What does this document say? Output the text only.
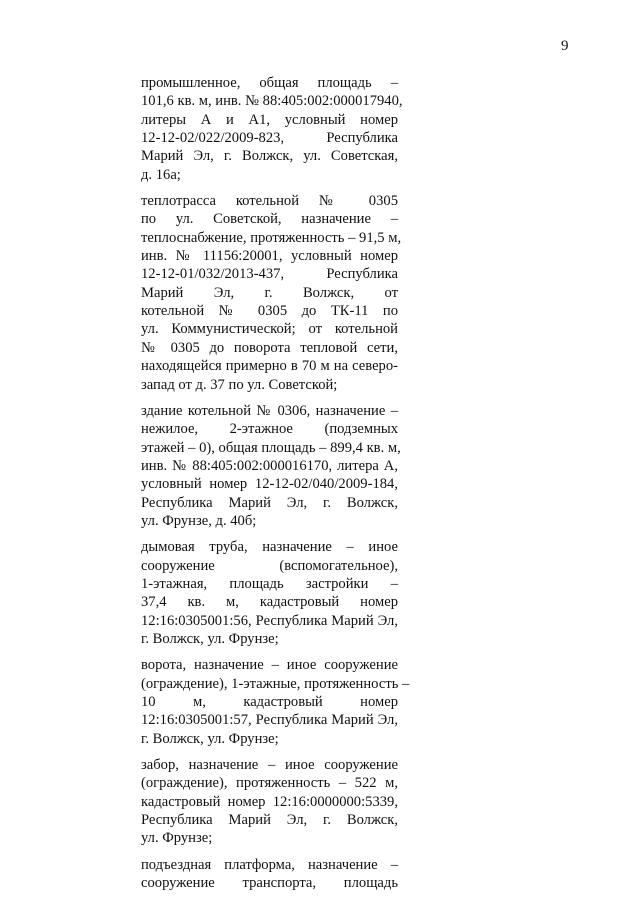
9
промышленное, общая площадь –
101,6 кв. м, инв. № 88:405:002:000017940,
литеры А и А1, условный номер
12-12-02/022/2009-823, Республика
Марий Эл, г. Волжск, ул. Советская,
д. 16а;
теплотрасса котельной № 0305
по ул. Советской, назначение –
теплоснабжение, протяженность – 91,5 м,
инв. № 11156:20001, условный номер
12-12-01/032/2013-437, Республика
Марий Эл, г. Волжск, от
котельной № 0305 до ТК-11 по
ул. Коммунистической; от котельной
№ 0305 до поворота тепловой сети,
находящейся примерно в 70 м на северо-
запад от д. 37 по ул. Советской;
здание котельной № 0306, назначение –
нежилое, 2-этажное (подземных
этажей – 0), общая площадь – 899,4 кв. м,
инв. № 88:405:002:000016170, литера А,
условный номер 12-12-02/040/2009-184,
Республика Марий Эл, г. Волжск,
ул. Фрунзе, д. 40б;
дымовая труба, назначение – иное
сооружение (вспомогательное),
1-этажная, площадь застройки –
37,4 кв. м, кадастровый номер
12:16:0305001:56, Республика Марий Эл,
г. Волжск, ул. Фрунзе;
ворота, назначение – иное сооружение
(ограждение), 1-этажные, протяженность –
10 м, кадастровый номер
12:16:0305001:57, Республика Марий Эл,
г. Волжск, ул. Фрунзе;
забор, назначение – иное сооружение
(ограждение), протяженность – 522 м,
кадастровый номер 12:16:0000000:5339,
Республика Марий Эл, г. Волжск,
ул. Фрунзе;
подъездная платформа, назначение –
сооружение транспорта, площадь
